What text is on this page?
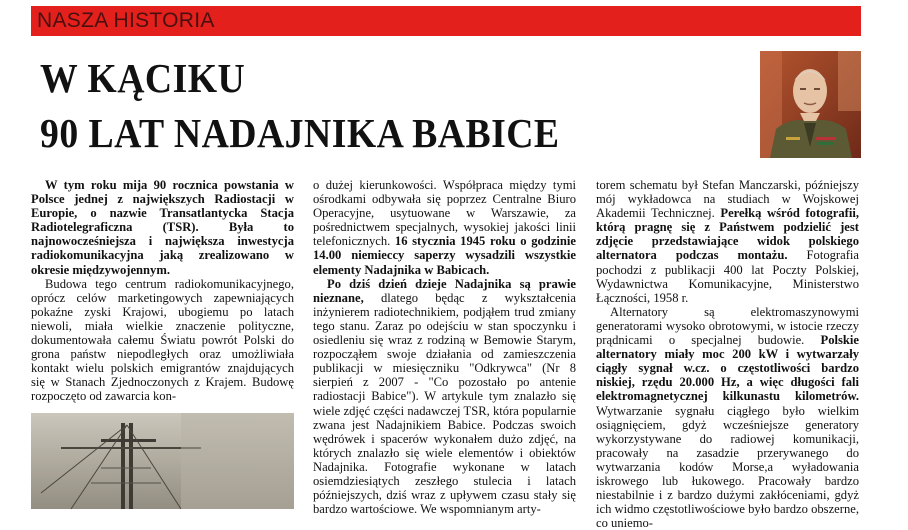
NASZA HISTORIA
W KĄCIKU
90 LAT NADAJNIKA BABICE

W tym roku mija 90 rocznica powstania w Polsce jednej z największych Radiostacji w Europie, o nazwie Transatlantycka Stacja Radiotelegraficzna (TSR). Była to najnowocześniejsza i największa inwestycja radiokomunikacyjna jaką zrealizowano w okresie międzywojennym.

Budowa tego centrum radiokomunikacyjnego, oprócz celów marketingowych zapewniających pokaźne zyski Krajowi, ubogiemu po latach niewoli, miała wielkie znaczenie polityczne, dokumentowała całemu Światu powrót Polski do grona państw niepodległych oraz umożliwiała kontakt wielu polskich emigrantów znajdujących się w Stanach Zjednoczonych z Krajem. Budowę rozpoczęto od zawarcia kon-

o dużej kierunkowości. Współpraca między tymi ośrodkami odbywała się poprzez Centralne Biuro Operacyjne, usytuowane w Warszawie, za pośrednictwem specjalnych, wysokiej jakości linii telefonicznych. 16 stycznia 1945 roku o godzinie 14.00 niemieccy saperzy wysadzili wszystkie elementy Nadajnika w Babicach.

Po dziś dzień dzieje Nadajnika są prawie nieznane, dlatego będąc z wykształcenia inżynierem radiotechnikiem, podjąłem trud zmiany tego stanu. Zaraz po odejściu w stan spoczynku i osiedleniu się wraz z rodziną w Bemowie Starym, rozpocząłem swoje działania od zamieszczenia publikacji w miesięczniku "Odkrywca" (Nr 8 sierpień z 2007 - "Co pozostało po antenie radiostacji Babice"). W artykule tym znalazło się wiele zdjęć części nadawczej TSR, która popularnie zwana jest Nadajnikiem Babice. Podczas swoich wędrówek i spacerów wykonałem dużo zdjęć, na których znalazło się wiele elementów i obiektów Nadajnika. Fotografie wykonane w latach osiemdziesiątych zeszłego stulecia i latach późniejszych, dziś wraz z upływem czasu stały się bardzo wartościowe. We wspomnianym arty-

torem schematu był Stefan Manczarski, późniejszy mój wykładowca na studiach w Wojskowej Akademii Technicznej. Perełką wśród fotografii, którą pragnę się z Państwem podzielić jest zdjęcie przedstawiające widok polskiego alternatora podczas montażu. Fotografia pochodzi z publikacji 400 lat Poczty Polskiej, Wydawnictwa Komunikacyjne, Ministerstwo Łączności, 1958 r.

Alternatory są elektromaszynowymi generatorami wysoko obrotowymi, w istocie rzeczy prądnicami o specjalnej budowie. Polskie alternatory miały moc 200 kW i wytwarzały ciągły sygnał w.cz. o częstotliwości bardzo niskiej, rzędu 20.000 Hz, a więc długości fali elektromagnetycznej kilkunastu kilometrów. Wytwarzanie sygnału ciągłego było wielkim osiągnięciem, gdyż wcześniejsze generatory wykorzystywane do radiowej komunikacji, pracowały na zasadzie przerywanego do wytwarzania kodów Morse,a wyładowania iskrowego lub łukowego. Pracowały bardzo niestabilnie i z bardzo dużymi zakłóceniami, gdyż ich widmo częstotliwościowe było bardzo obszerne, co uniemo-
